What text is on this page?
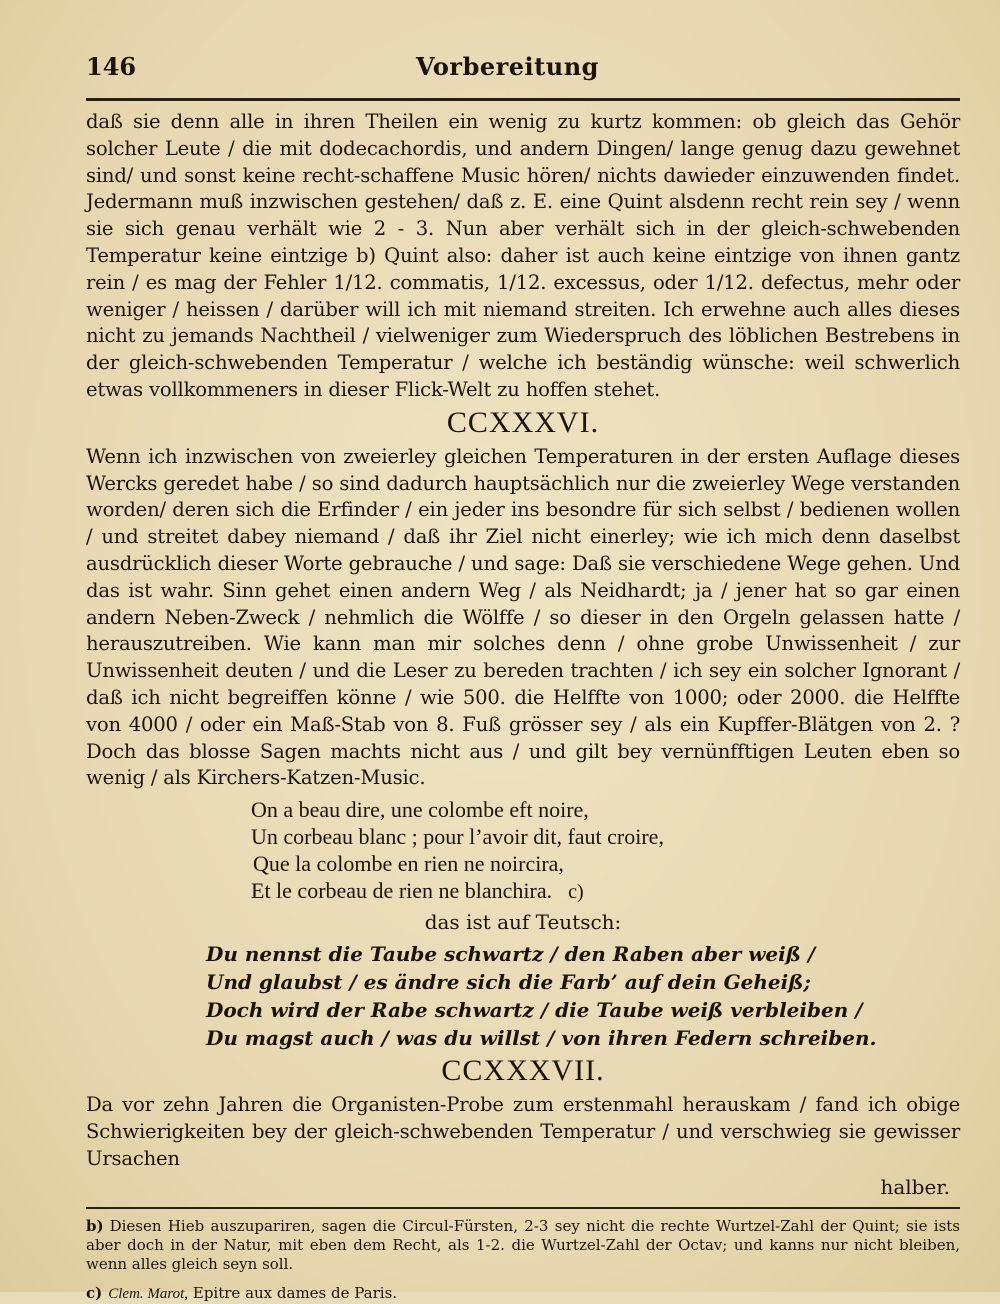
146	Vorbereitung

daß sie denn alle in ihren Theilen ein wenig zu kurtz kommen: ob gleich das Gehör solcher Leute / die mit dodecachordis, und andern Dingen/ lange genug dazu gewehnet sind/ und sonst keine recht-schaffene Music hören/ nichts dawieder einzuwenden findet. Jedermann muß inzwischen gestehen/ daß z. E. eine Quint alsdenn recht rein sey / wenn sie sich genau verhält wie 2 - 3. Nun aber verhält sich in der gleich-schwebenden Temperatur keine eintzige b) Quint also: daher ist auch keine eintzige von ihnen gantz rein / es mag der Fehler 1/12. commatis, 1/12. excessus, oder 1/12. defectus, mehr oder weniger / heissen / darüber will ich mit niemand streiten. Ich erwehne auch alles dieses nicht zu jemands Nachtheil / vielweniger zum Wiederspruch des löblichen Bestrebens in der gleich-schwebenden Temperatur / welche ich beständig wünsche: weil schwerlich etwas vollkommeners in dieser Flick-Welt zu hoffen stehet.

CCXXXVI.

Wenn ich inzwischen von zweierley gleichen Temperaturen in der ersten Auflage dieses Wercks geredet habe / so sind dadurch hauptsächlich nur die zweierley Wege verstanden worden/ deren sich die Erfinder / ein jeder ins besondre für sich selbst / bedienen wollen / und streitet dabey niemand / daß ihr Ziel nicht einerley; wie ich mich denn daselbst ausdrücklich dieser Worte gebrauche / und sage: Daß sie verschiedene Wege gehen. Und das ist wahr. Sinn gehet einen andern Weg / als Neidhardt; ja / jener hat so gar einen andern Neben-Zweck / nehmlich die Wölffe / so dieser in den Orgeln gelassen hatte / herauszutreiben. Wie kann man mir solches denn / ohne grobe Unwissenheit / zur Unwissenheit deuten / und die Leser zu bereden trachten / ich sey ein solcher Ignorant / daß ich nicht begreiffen könne / wie 500. die Helffte von 1000; oder 2000. die Helffte von 4000 / oder ein Maß-Stab von 8. Fuß grösser sey / als ein Kupffer-Blätgen von 2. ? Doch das blosse Sagen machts nicht aus / und gilt bey vernünfftigen Leuten eben so wenig / als Kirchers-Katzen-Music.

On a beau dire, une colombe eft noire,
Un corbeau blanc ; pour l’avoir dit, faut croire,
Que la colombe en rien ne noircira,
Et le corbeau de rien ne blanchira. c)
das ist auf Teutsch:
Du nennst die Taube schwartz / den Raben aber weiß /
Und glaubst / es ändre sich die Farb’ auf dein Geheiß;
Doch wird der Rabe schwartz / die Taube weiß verbleiben /
Du magst auch / was du willst / von ihren Federn schreiben.
CCXXXVII.

Da vor zehn Jahren die Organisten-Probe zum erstenmahl herauskam / fand ich obige Schwierigkeiten bey der gleich-schwebenden Temperatur / und verschwieg sie gewisser Ursachen

halber.

b) Diesen Hieb auszupariren, sagen die Circul-Fürsten, 2-3 sey nicht die rechte Wurtzel-Zahl der Quint; sie ists aber doch in der Natur, mit eben dem Recht, als 1-2. die Wurtzel-Zahl der Octav; und kanns nur nicht bleiben, wenn alles gleich seyn soll.

c) Clem. Marot, Epitre aux dames de Paris.
